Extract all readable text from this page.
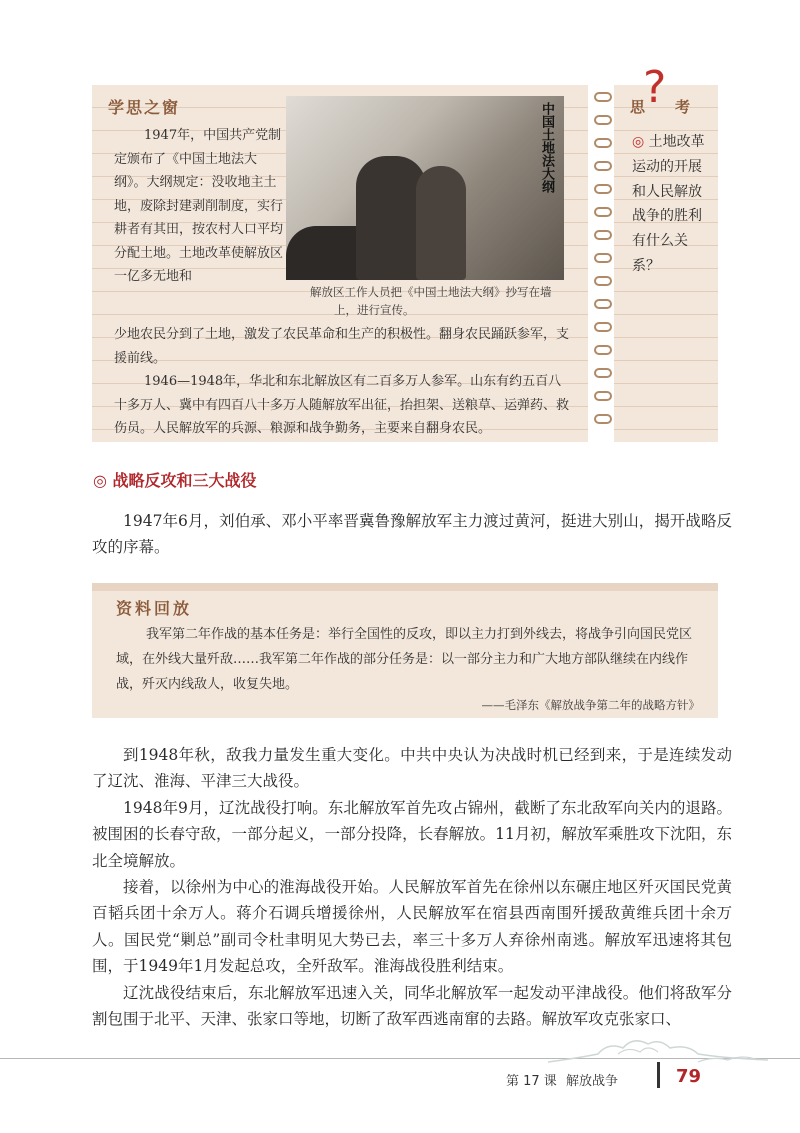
学思之窗
1947年，中国共产党制定颁布了《中国土地法大纲》。大纲规定：没收地主土地，废除封建剥削制度，实行耕者有其田，按农村人口平均分配土地。土地改革使解放区一亿多无地和
中国土地法大纲
解放区工作人员把《中国土地法大纲》抄写在墙上，进行宣传。

少地农民分到了土地，激发了农民革命和生产的积极性。翻身农民踊跃参军，支援前线。

1946—1948年，华北和东北解放区有二百多万人参军。山东有约五百八十多万人、冀中有四百八十多万人随解放军出征，抬担架、送粮草、运弹药、救伤员。人民解放军的兵源、粮源和战争勤务，主要来自翻身农民。

?
思考
◎ 土地改革运动的开展和人民解放战争的胜利有什么关系？
◎ 战略反攻和三大战役
1947年6月，刘伯承、邓小平率晋冀鲁豫解放军主力渡过黄河，挺进大别山，揭开战略反攻的序幕。
资料回放
我军第二年作战的基本任务是：举行全国性的反攻，即以主力打到外线去，将战争引向国民党区域，在外线大量歼敌……我军第二年作战的部分任务是：以一部分主力和广大地方部队继续在内线作战，歼灭内线敌人，收复失地。
——毛泽东《解放战争第二年的战略方针》
到1948年秋，敌我力量发生重大变化。中共中央认为决战时机已经到来，于是连续发动了辽沈、淮海、平津三大战役。
1948年9月，辽沈战役打响。东北解放军首先攻占锦州，截断了东北敌军向关内的退路。被围困的长春守敌，一部分起义，一部分投降，长春解放。11月初，解放军乘胜攻下沈阳，东北全境解放。
接着，以徐州为中心的淮海战役开始。人民解放军首先在徐州以东碾庄地区歼灭国民党黄百韬兵团十余万人。蒋介石调兵增援徐州，人民解放军在宿县西南围歼援敌黄维兵团十余万人。国民党“剿总”副司令杜聿明见大势已去，率三十多万人弃徐州南逃。解放军迅速将其包围，于1949年1月发起总攻，全歼敌军。淮海战役胜利结束。
辽沈战役结束后，东北解放军迅速入关，同华北解放军一起发动平津战役。他们将敌军分割包围于北平、天津、张家口等地，切断了敌军西逃南窜的去路。解放军攻克张家口、
第 17 课 解放战争	79
